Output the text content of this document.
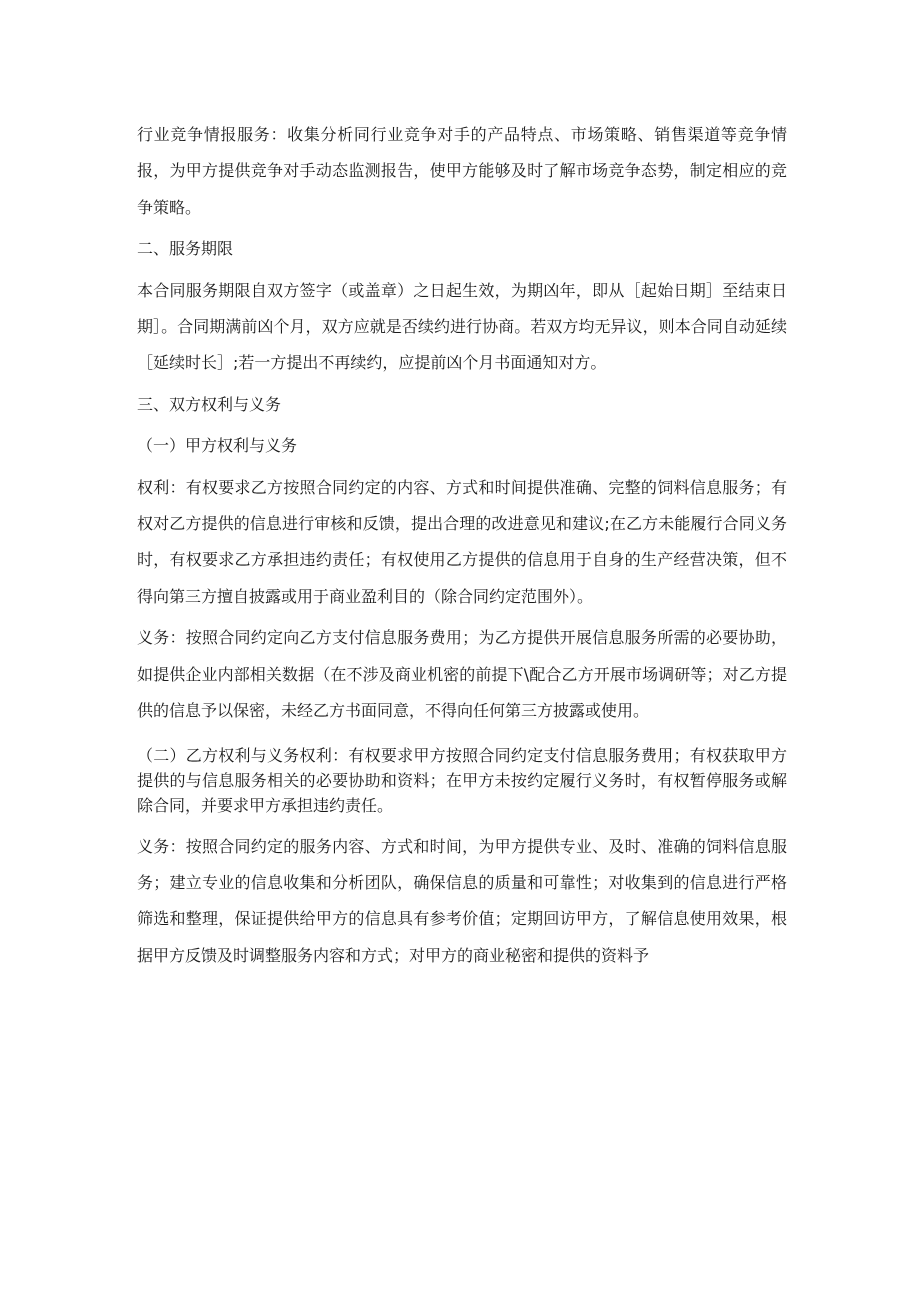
行业竞争情报服务：收集分析同行业竞争对手的产品特点、市场策略、销售渠道等竞争情报，为甲方提供竞争对手动态监测报告，使甲方能够及时了解市场竞争态势，制定相应的竞争策略。

二、服务期限

本合同服务期限自双方签字（或盖章）之日起生效，为期凶年，即从［起始日期］至结束日期］。合同期满前凶个月，双方应就是否续约进行协商。若双方均无异议，则本合同自动延续［延续时长］;若一方提出不再续约，应提前凶个月书面通知对方。

三、双方权利与义务

（一）甲方权利与义务

权利：有权要求乙方按照合同约定的内容、方式和时间提供准确、完整的饲料信息服务；有权对乙方提供的信息进行审核和反馈，提出合理的改进意见和建议;在乙方未能履行合同义务时，有权要求乙方承担违约责任；有权使用乙方提供的信息用于自身的生产经营决策，但不得向第三方擅自披露或用于商业盈利目的（除合同约定范围外）。

义务：按照合同约定向乙方支付信息服务费用；为乙方提供开展信息服务所需的必要协助，如提供企业内部相关数据（在不涉及商业机密的前提下\配合乙方开展市场调研等；对乙方提供的信息予以保密，未经乙方书面同意，不得向任何第三方披露或使用。

（二）乙方权利与义务权利：有权要求甲方按照合同约定支付信息服务费用；有权获取甲方提供的与信息服务相关的必要协助和资料；在甲方未按约定履行义务时，有权暂停服务或解除合同，并要求甲方承担违约责任。

义务：按照合同约定的服务内容、方式和时间，为甲方提供专业、及时、准确的饲料信息服务；建立专业的信息收集和分析团队，确保信息的质量和可靠性；对收集到的信息进行严格筛选和整理，保证提供给甲方的信息具有参考价值；定期回访甲方，了解信息使用效果，根据甲方反馈及时调整服务内容和方式；对甲方的商业秘密和提供的资料予
